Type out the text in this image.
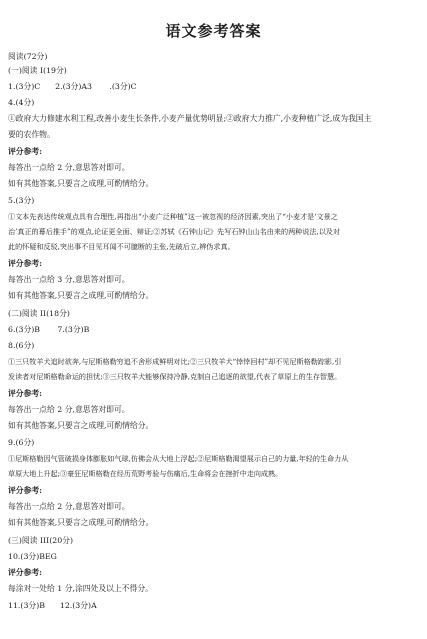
语文参考答案
阅读(72分)
(一)阅读 I(19分)
1.(3分)C 2.(3分)A3 .(3分)C
4.(4分)
①政府大力修建水利工程,改善小麦生长条件,小麦产量优势明显;②政府大力推广,小麦种植广泛,成为我国主
要的农作物。
评分参考:
每答出一点给 2 分,意思答对即可。
如有其他答案,只要言之成理,可酌情给分。
5.(3分)
①文本先表达传统观点具有合理性,再指出“小麦广泛种植”这一被忽视的经济因素,突出了“小麦才是‘文景之
治’真正的幕后推手”的观点,论证更全面、辩证;②苏轼《石钟山记》先写石钟山山名由来的两种说法,以及对
此的怀疑和反驳,突出事不目见耳闻不可臆断的主张,先破后立,辨伪求真。
评分参考:
每答出一点给 3 分,意思答对即可。
如有其他答案,只要言之成理,可酌情给分。
(二)阅读 II(18分)
6.(3分)B 7.(3分)B
8.(6分)
①三只牧羊犬追时欲奔,与尼斯格勒穷追不舍形成鲜明对比;②三只牧羊犬“悻悻回村”却不见尼斯格勒踪影,引
发读者对尼斯格勒命运的担忧;③三只牧羊犬能够保持冷静,克制自己追逐的欲望,代表了草原上的生存智慧。
评分参考:
每答出一点给 2 分,意思答对即可。
如有其他答案,只要言之成理,可酌情给分。
9.(6分)
①尼斯格勒因气管破损身体膨胀如气球,仿佛会从大地上浮起;②尼斯格勒渴望展示自己的力量,年轻的生命力从
草原大地上升起;③豪狂尼斯格勒在经历荒野考验与伤痛后,生命将会在挫折中走向成熟。
评分参考:
每答出一点给 2 分,意思答对即可。
如有其他答案,只要言之成理,可酌情给分。
(三)阅读 III(20分)
10.(3分)BEG
评分参考:
每涂对一处给 1 分,涂四处及以上不得分。
11.(3分)B 12.(3分)A
